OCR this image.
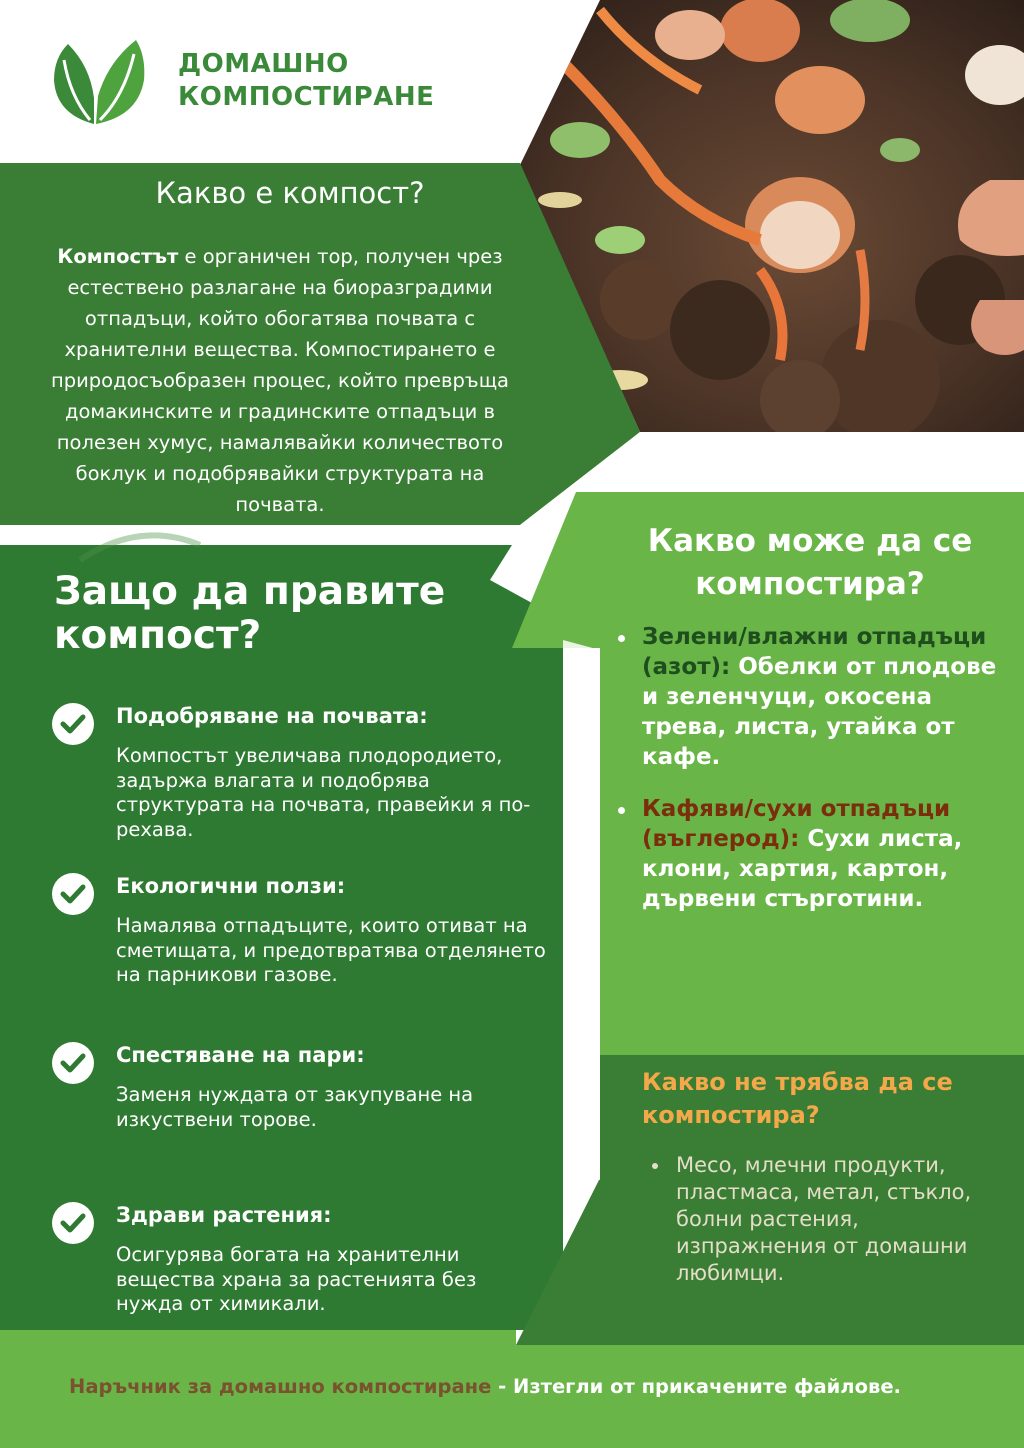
ДОМАШНО
КОМПОСТИРАНЕ
Какво е компост?
Компостът е органичен тор, получен чрез естествено разлагане на биоразградими отпадъци, който обогатява почвата с хранителни вещества. Компостирането е природосъобразен процес, който превръща домакинските и градинските отпадъци в полезен хумус, намалявайки количеството боклук и подобрявайки структурата на почвата.
Защо да правите компост?
Подобряване на почвата:

Компостът увеличава плодородието, задържа влагата и подобрява структурата на почвата, правейки я по-рехава.

Екологични ползи:

Намалява отпадъците, които отиват на сметищата, и предотвратява отделянето на парникови газове.

Спестяване на пари:

Заменя нуждата от закупуване на изкуствени торове.

Здрави растения:

Осигурява богата на хранителни вещества храна за растенията без нужда от химикали.

Какво може да се компостира?
Зелени/влажни отпадъци (азот): Обелки от плодове и зеленчуци, окосена трева, листа, утайка от кафе.
Кафяви/сухи отпадъци (въглерод): Сухи листа, клони, хартия, картон, дървени стърготини.
Какво не трябва да се компостира?
Месо, млечни продукти, пластмаса, метал, стъкло, болни растения, изпражнения от домашни любимци.
Наръчник за домашно компостиране - Изтегли от прикачените файлове.
